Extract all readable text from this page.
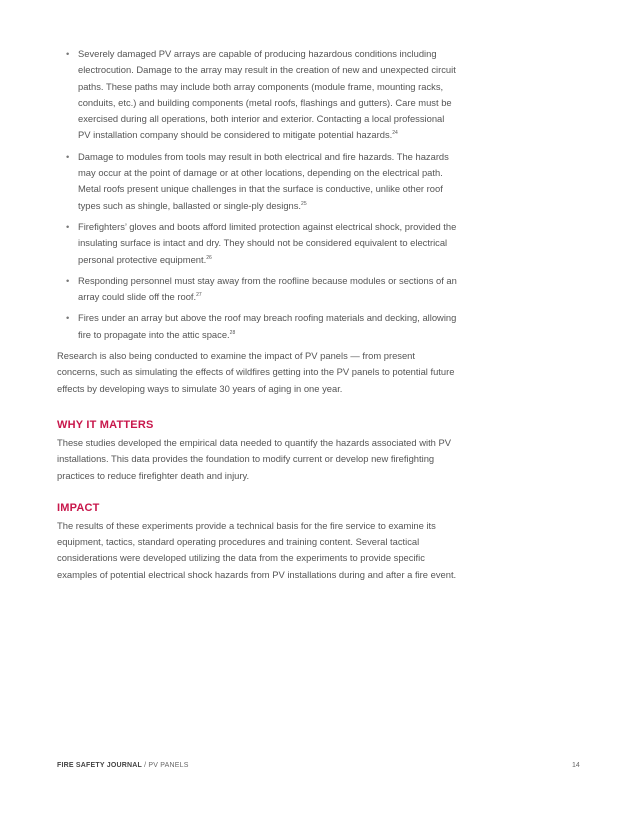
• Severely damaged PV arrays are capable of producing hazardous conditions including electrocution. Damage to the array may result in the creation of new and unexpected circuit paths. These paths may include both array components (module frame, mounting racks, conduits, etc.) and building components (metal roofs, flashings and gutters). Care must be exercised during all operations, both interior and exterior. Contacting a local professional PV installation company should be considered to mitigate potential hazards.$^{24}$
• Damage to modules from tools may result in both electrical and fire hazards. The hazards may occur at the point of damage or at other locations, depending on the electrical path. Metal roofs present unique challenges in that the surface is conductive, unlike other roof types such as shingle, ballasted or single-ply designs.$^{25}$
• Firefighters’ gloves and boots afford limited protection against electrical shock, provided the insulating surface is intact and dry. They should not be considered equivalent to electrical personal protective equipment.$^{26}$
• Responding personnel must stay away from the roofline because modules or sections of an array could slide off the roof.$^{27}$
• Fires under an array but above the roof may breach roofing materials and decking, allowing fire to propagate into the attic space.$^{28}$

Research is also being conducted to examine the impact of PV panels — from present concerns, such as simulating the effects of wildfires getting into the PV panels to potential future effects by developing ways to simulate 30 years of aging in one year.

WHY IT MATTERS

These studies developed the empirical data needed to quantify the hazards associated with PV installations. This data provides the foundation to modify current or develop new firefighting practices to reduce firefighter death and injury.

IMPACT

The results of these experiments provide a technical basis for the fire service to examine its equipment, tactics, standard operating procedures and training content. Several tactical considerations were developed utilizing the data from the experiments to provide specific examples of potential electrical shock hazards from PV installations during and after a fire event.

FIRE SAFETY JOURNAL / PV PANELS	14
